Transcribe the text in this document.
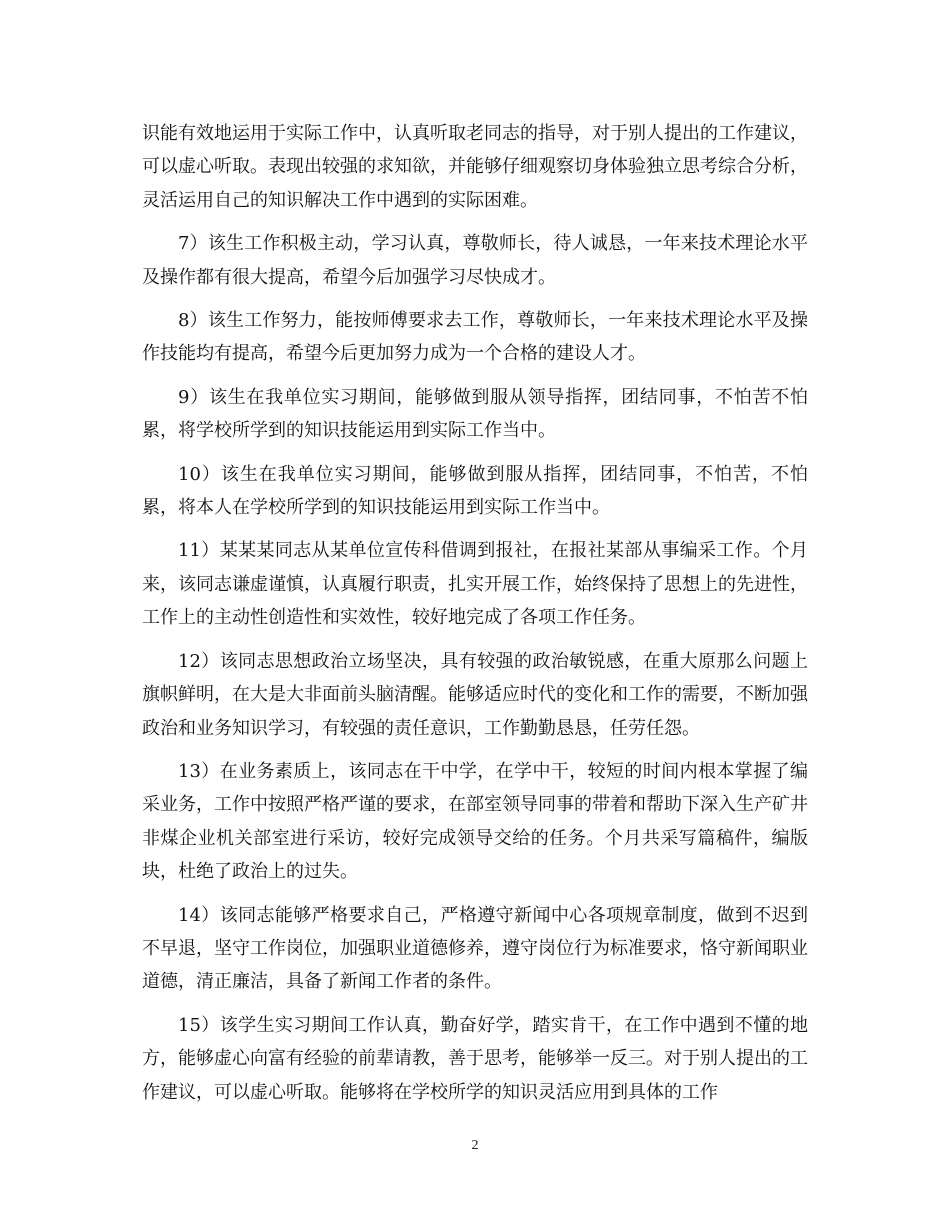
识能有效地运用于实际工作中，认真听取老同志的指导，对于别人提出的工作建议，可以虚心听取。表现出较强的求知欲，并能够仔细观察切身体验独立思考综合分析，灵活运用自己的知识解决工作中遇到的实际困难。

7）该生工作积极主动，学习认真，尊敬师长，待人诚恳，一年来技术理论水平及操作都有很大提高，希望今后加强学习尽快成才。

8）该生工作努力，能按师傅要求去工作，尊敬师长，一年来技术理论水平及操作技能均有提高，希望今后更加努力成为一个合格的建设人才。

9）该生在我单位实习期间，能够做到服从领导指挥，团结同事，不怕苦不怕累，将学校所学到的知识技能运用到实际工作当中。

10）该生在我单位实习期间，能够做到服从指挥，团结同事，不怕苦，不怕累，将本人在学校所学到的知识技能运用到实际工作当中。

11）某某某同志从某单位宣传科借调到报社，在报社某部从事编采工作。个月来，该同志谦虚谨慎，认真履行职责，扎实开展工作，始终保持了思想上的先进性，工作上的主动性创造性和实效性，较好地完成了各项工作任务。

12）该同志思想政治立场坚决，具有较强的政治敏锐感，在重大原那么问题上旗帜鲜明，在大是大非面前头脑清醒。能够适应时代的变化和工作的需要，不断加强政治和业务知识学习，有较强的责任意识，工作勤勤恳恳，任劳任怨。

13）在业务素质上，该同志在干中学，在学中干，较短的时间内根本掌握了编采业务，工作中按照严格严谨的要求，在部室领导同事的带着和帮助下深入生产矿井非煤企业机关部室进行采访，较好完成领导交给的任务。个月共采写篇稿件，编版块，杜绝了政治上的过失。

14）该同志能够严格要求自己，严格遵守新闻中心各项规章制度，做到不迟到不早退，坚守工作岗位，加强职业道德修养，遵守岗位行为标准要求，恪守新闻职业道德，清正廉洁，具备了新闻工作者的条件。

15）该学生实习期间工作认真，勤奋好学，踏实肯干，在工作中遇到不懂的地方，能够虚心向富有经验的前辈请教，善于思考，能够举一反三。对于别人提出的工作建议，可以虚心听取。能够将在学校所学的知识灵活应用到具体的工作

2
